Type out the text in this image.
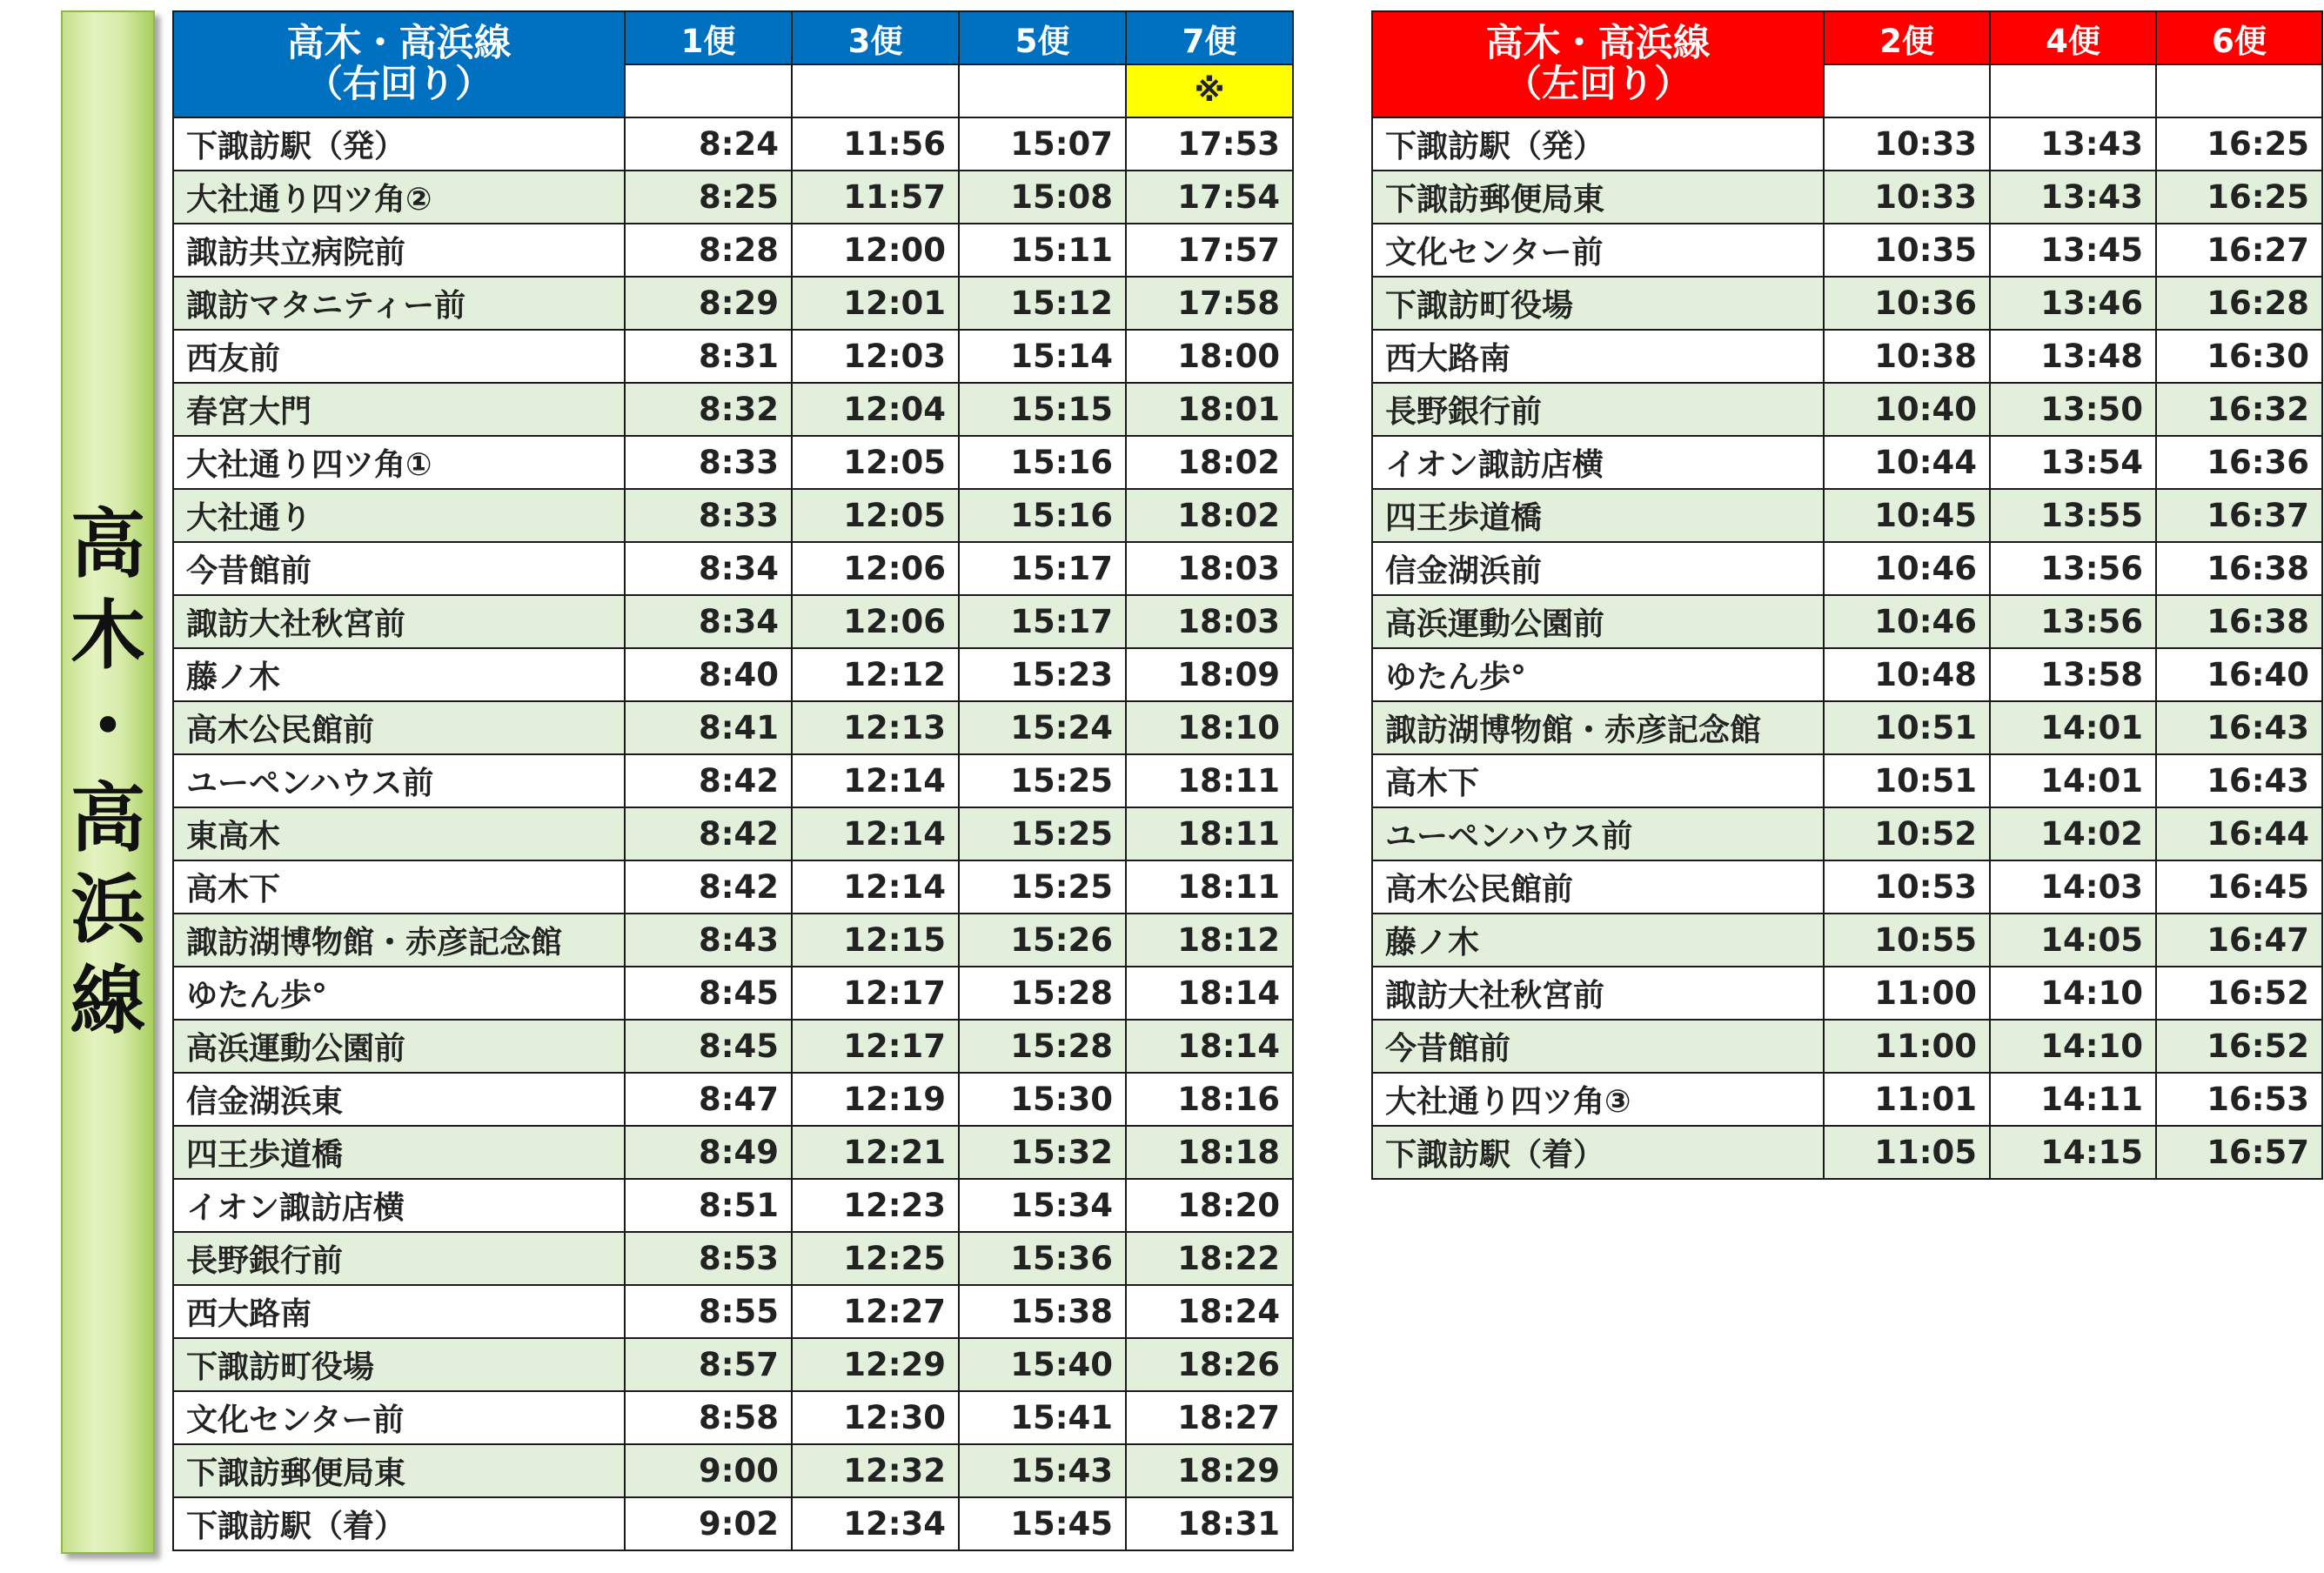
高
木
・
高
浜
線
高木・高浜線
（右回り）	1便	3便	5便	7便
				※
下諏訪駅（発）	8:24	11:56	15:07	17:53
大社通り四ツ角②	8:25	11:57	15:08	17:54
諏訪共立病院前	8:28	12:00	15:11	17:57
諏訪マタニティー前	8:29	12:01	15:12	17:58
西友前	8:31	12:03	15:14	18:00
春宮大門	8:32	12:04	15:15	18:01
大社通り四ツ角①	8:33	12:05	15:16	18:02
大社通り	8:33	12:05	15:16	18:02
今昔館前	8:34	12:06	15:17	18:03
諏訪大社秋宮前	8:34	12:06	15:17	18:03
藤ノ木	8:40	12:12	15:23	18:09
高木公民館前	8:41	12:13	15:24	18:10
ユーペンハウス前	8:42	12:14	15:25	18:11
東高木	8:42	12:14	15:25	18:11
高木下	8:42	12:14	15:25	18:11
諏訪湖博物館・赤彦記念館	8:43	12:15	15:26	18:12
ゆたん歩°	8:45	12:17	15:28	18:14
高浜運動公園前	8:45	12:17	15:28	18:14
信金湖浜東	8:47	12:19	15:30	18:16
四王歩道橋	8:49	12:21	15:32	18:18
イオン諏訪店横	8:51	12:23	15:34	18:20
長野銀行前	8:53	12:25	15:36	18:22
西大路南	8:55	12:27	15:38	18:24
下諏訪町役場	8:57	12:29	15:40	18:26
文化センター前	8:58	12:30	15:41	18:27
下諏訪郵便局東	9:00	12:32	15:43	18:29
下諏訪駅（着）	9:02	12:34	15:45	18:31
高木・高浜線
（左回り）	2便	4便	6便

下諏訪駅（発）	10:33	13:43	16:25
下諏訪郵便局東	10:33	13:43	16:25
文化センター前	10:35	13:45	16:27
下諏訪町役場	10:36	13:46	16:28
西大路南	10:38	13:48	16:30
長野銀行前	10:40	13:50	16:32
イオン諏訪店横	10:44	13:54	16:36
四王歩道橋	10:45	13:55	16:37
信金湖浜前	10:46	13:56	16:38
高浜運動公園前	10:46	13:56	16:38
ゆたん歩°	10:48	13:58	16:40
諏訪湖博物館・赤彦記念館	10:51	14:01	16:43
高木下	10:51	14:01	16:43
ユーペンハウス前	10:52	14:02	16:44
高木公民館前	10:53	14:03	16:45
藤ノ木	10:55	14:05	16:47
諏訪大社秋宮前	11:00	14:10	16:52
今昔館前	11:00	14:10	16:52
大社通り四ツ角③	11:01	14:11	16:53
下諏訪駅（着）	11:05	14:15	16:57
